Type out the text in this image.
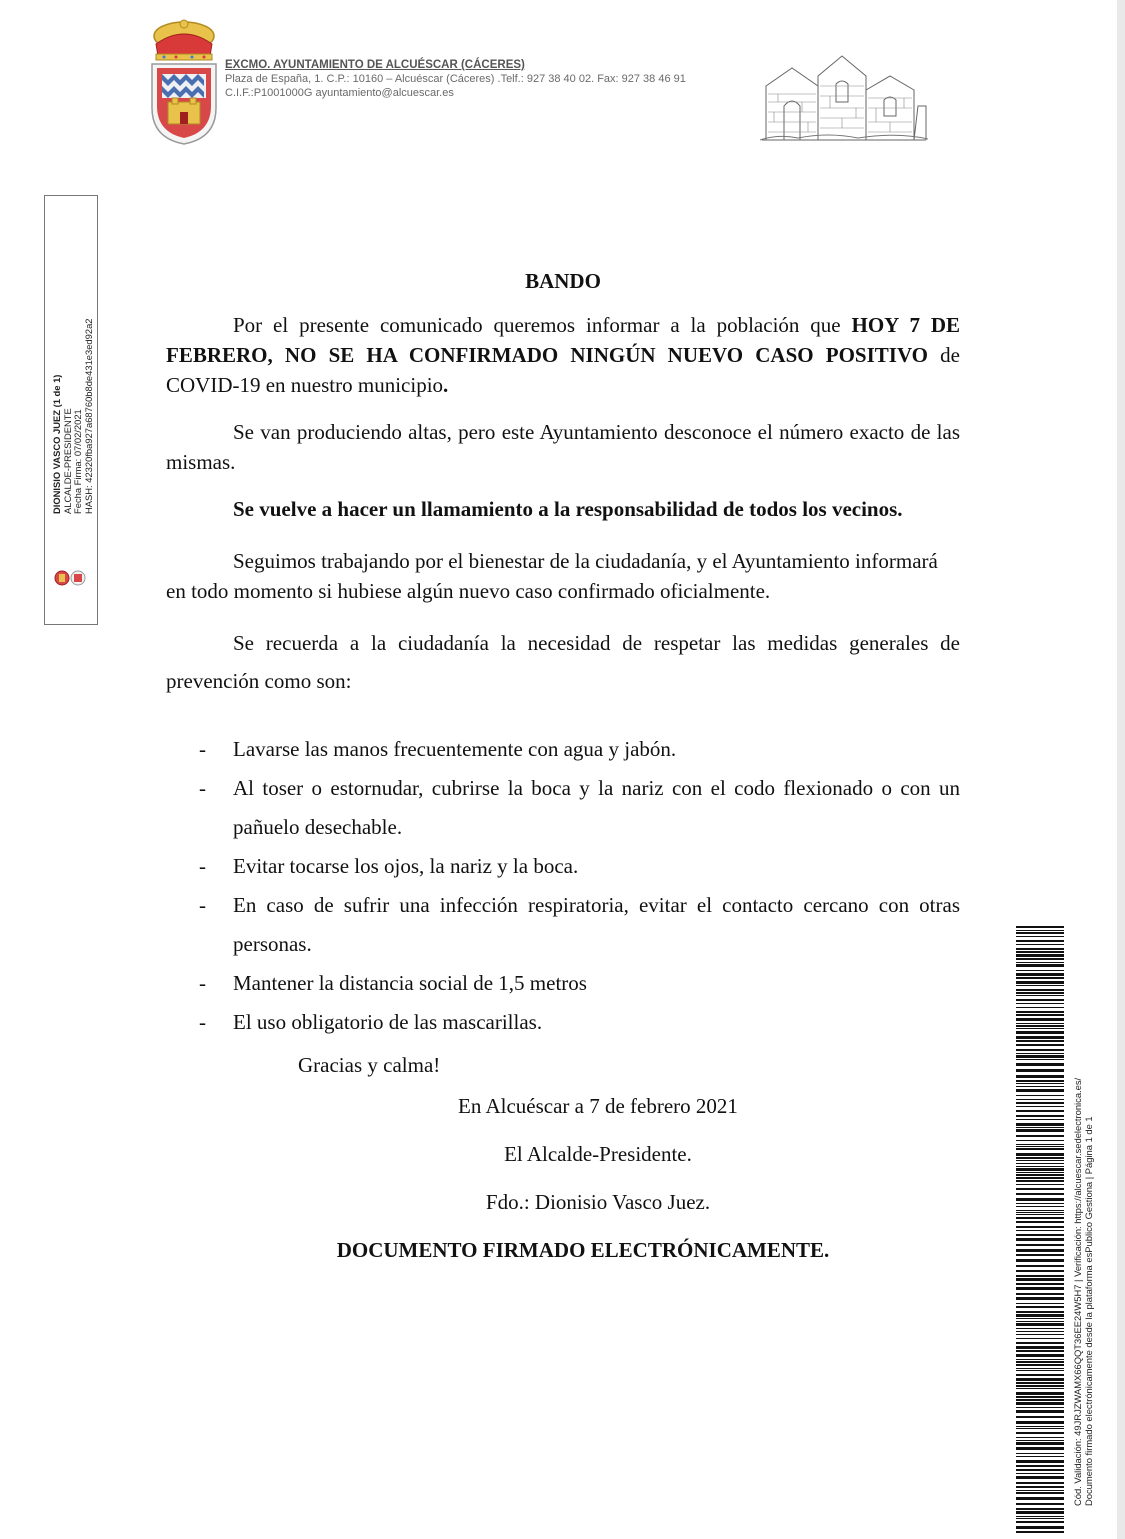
EXCMO. AYUNTAMIENTO DE ALCUÉSCAR (CÁCERES)
Plaza de España, 1. C.P.: 10160 – Alcuéscar (Cáceres) .Telf.: 927 38 40 02. Fax: 927 38 46 91
C.I.F.:P1001000G ayuntamiento@alcuescar.es
DIONISIO VASCO JUEZ (1 de 1) ALCALDE-PRESIDENTE Fecha Firma: 07/02/2021 HASH: 42320fba927a68760b8de431e3ed92a2
BANDO

Por el presente comunicado queremos informar a la población que HOY 7 DE FEBRERO, NO SE HA CONFIRMADO NINGÚN NUEVO CASO POSITIVO de COVID-19 en nuestro municipio.

Se van produciendo altas, pero este Ayuntamiento desconoce el número exacto de las mismas.

Se vuelve a hacer un llamamiento a la responsabilidad de todos los vecinos.

Seguimos trabajando por el bienestar de la ciudadanía, y el Ayuntamiento informará en todo momento si hubiese algún nuevo caso confirmado oficialmente.

Se recuerda a la ciudadanía la necesidad de respetar las medidas generales de prevención como son:

- Lavarse las manos frecuentemente con agua y jabón.
- Al toser o estornudar, cubrirse la boca y la nariz con el codo flexionado o con un pañuelo desechable.
- Evitar tocarse los ojos, la nariz y la boca.
- En caso de sufrir una infección respiratoria, evitar el contacto cercano con otras personas.
- Mantener la distancia social de 1,5 metros
- El uso obligatorio de las mascarillas.
Gracias y calma!
En Alcuéscar a 7 de febrero 2021
El Alcalde-Presidente.
Fdo.: Dionisio Vasco Juez.
DOCUMENTO FIRMADO ELECTRÓNICAMENTE.	Cód. Validación: 49JRJZWAMX66QQT36EE24W5H7 | Verificación: https://alcuescar.sedelectronica.es/ Documento firmado electrónicamente desde la plataforma esPublico Gestiona | Página 1 de 1
